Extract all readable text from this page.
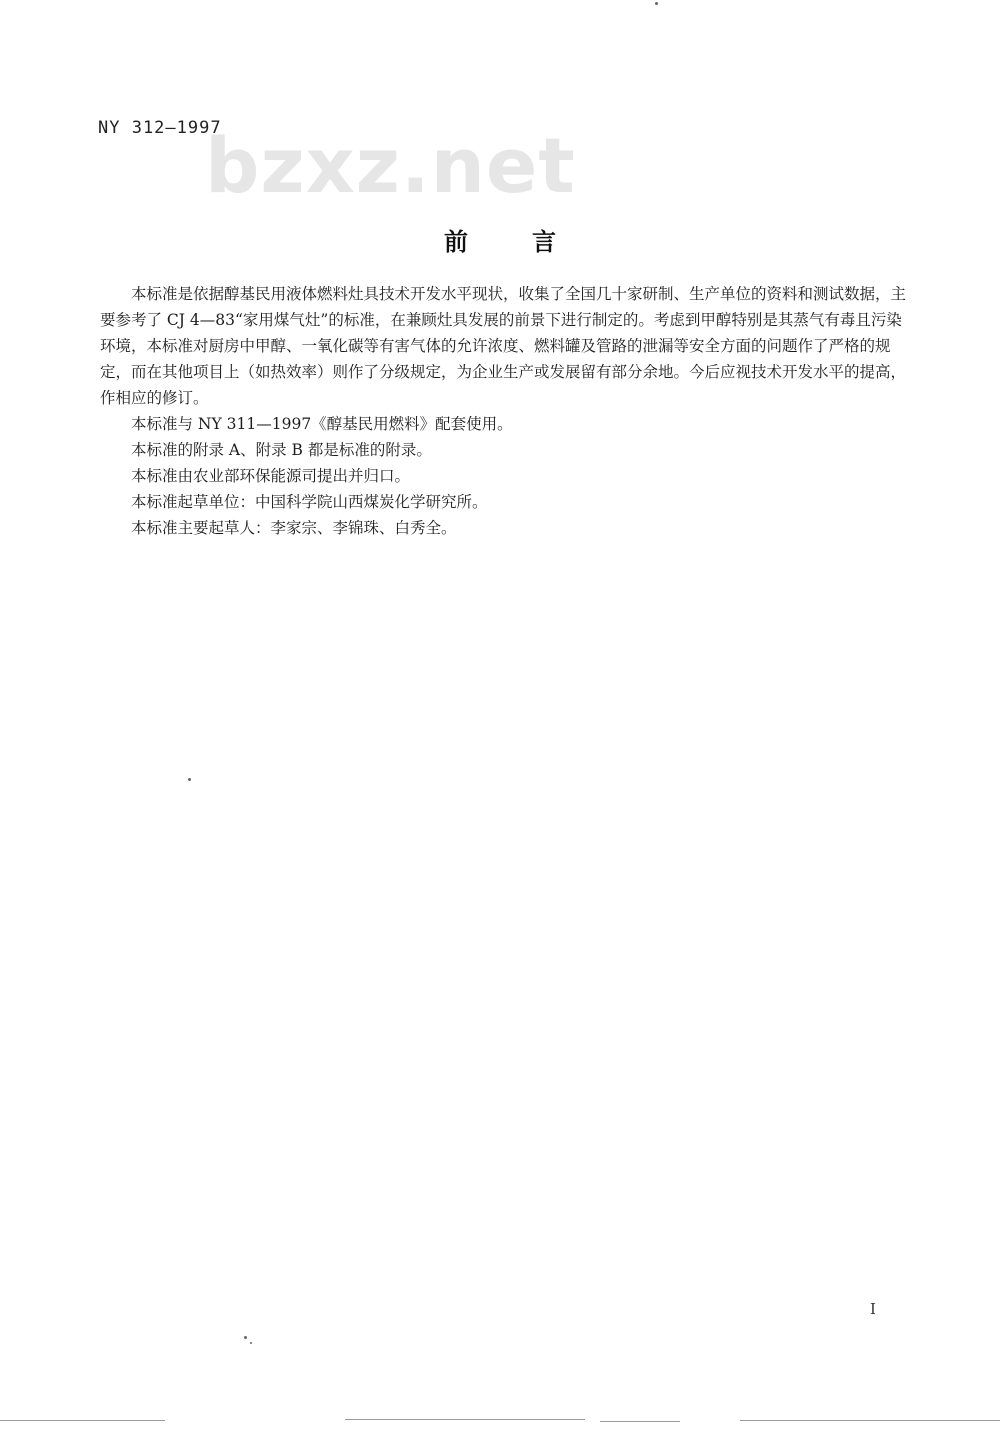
NY 312—1997
bzxz.net
前言

本标准是依据醇基民用液体燃料灶具技术开发水平现状，收集了全国几十家研制、生产单位的资料和测试数据，主要参考了 CJ 4—83“家用煤气灶”的标准，在兼顾灶具发展的前景下进行制定的。考虑到甲醇特别是其蒸气有毒且污染环境，本标准对厨房中甲醇、一氧化碳等有害气体的允许浓度、燃料罐及管路的泄漏等安全方面的问题作了严格的规定，而在其他项目上（如热效率）则作了分级规定，为企业生产或发展留有部分余地。今后应视技术开发水平的提高，作相应的修订。

本标准与 NY 311—1997《醇基民用燃料》配套使用。

本标准的附录 A、附录 B 都是标准的附录。

本标准由农业部环保能源司提出并归口。

本标准起草单位：中国科学院山西煤炭化学研究所。

本标准主要起草人：李家宗、李锦珠、白秀全。

I
